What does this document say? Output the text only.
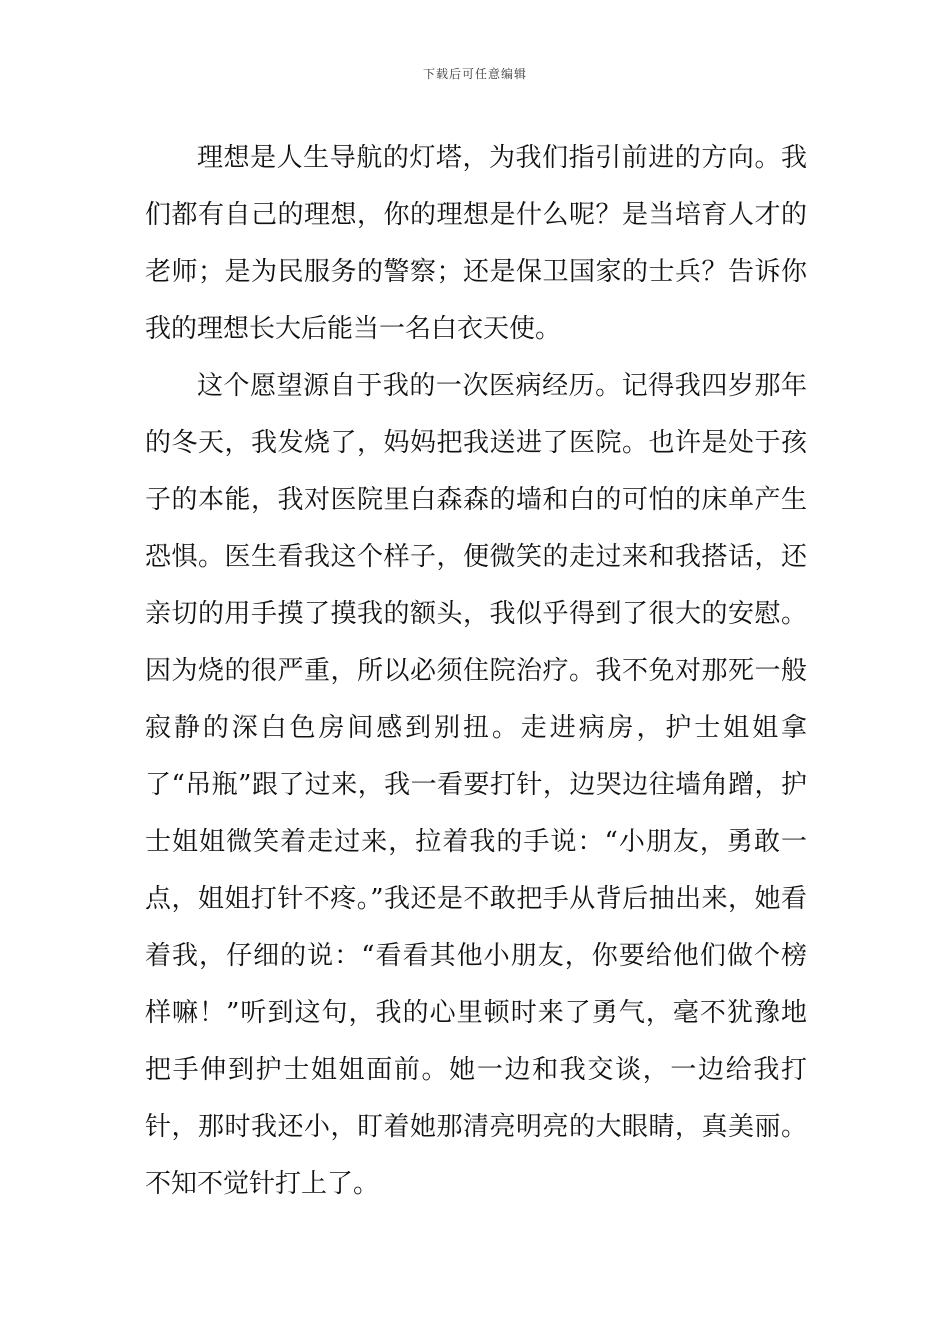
下载后可任意编辑

理想是人生导航的灯塔，为我们指引前进的方向。我们都有自己的理想，你的理想是什么呢？是当培育人才的老师；是为民服务的警察；还是保卫国家的士兵？告诉你我的理想长大后能当一名白衣天使。

这个愿望源自于我的一次医病经历。记得我四岁那年的冬天，我发烧了，妈妈把我送进了医院。也许是处于孩子的本能，我对医院里白森森的墙和白的可怕的床单产生恐惧。医生看我这个样子，便微笑的走过来和我搭话，还亲切的用手摸了摸我的额头，我似乎得到了很大的安慰。因为烧的很严重，所以必须住院治疗。我不免对那死一般寂静的深白色房间感到别扭。走进病房，护士姐姐拿了“吊瓶”跟了过来，我一看要打针，边哭边往墙角蹭，护士姐姐微笑着走过来，拉着我的手说：“小朋友，勇敢一点，姐姐打针不疼。”我还是不敢把手从背后抽出来，她看着我，仔细的说：“看看其他小朋友，你要给他们做个榜样嘛！”听到这句，我的心里顿时来了勇气，毫不犹豫地把手伸到护士姐姐面前。她一边和我交谈，一边给我打针，那时我还小，盯着她那清亮明亮的大眼睛，真美丽。不知不觉针打上了。
